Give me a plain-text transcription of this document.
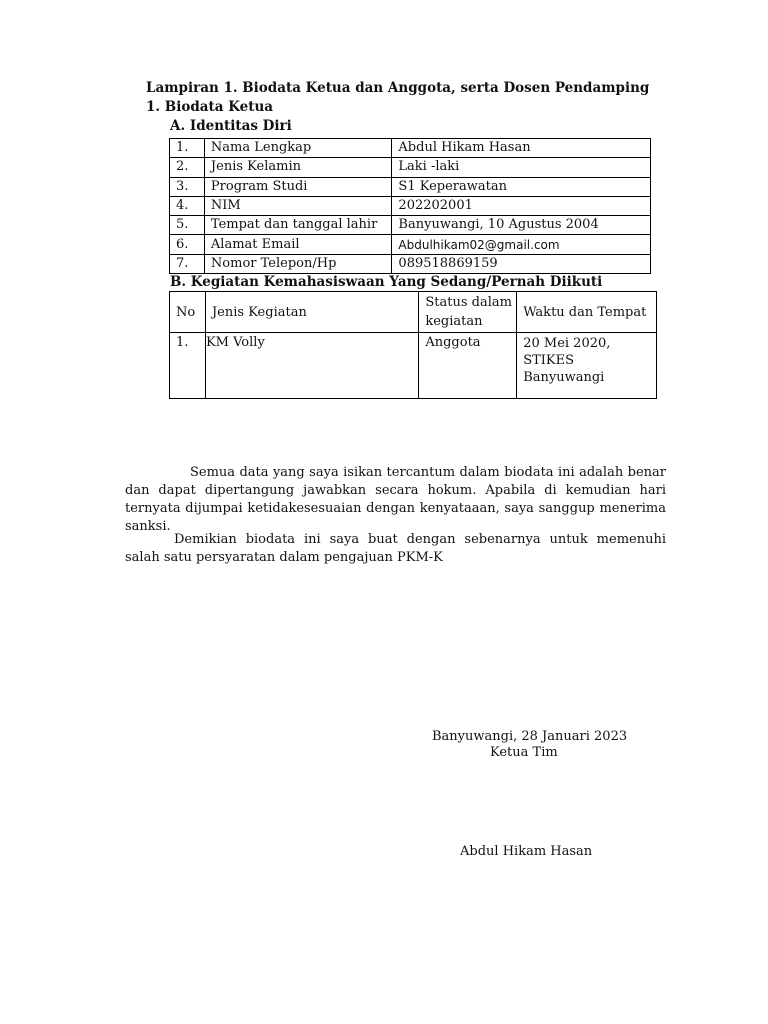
Lampiran 1. Biodata Ketua dan Anggota, serta Dosen Pendamping
1. Biodata Ketua
A. Identitas Diri
1.	Nama Lengkap	Abdul Hikam Hasan
2.	Jenis Kelamin	Laki -laki
3.	Program Studi	S1 Keperawatan
4.	NIM	202202001
5.	Tempat dan tanggal lahir	Banyuwangi, 10 Agustus 2004
6.	Alamat Email	Abdulhikam02@gmail.com
7.	Nomor Telepon/Hp	089518869159
B. Kegiatan Kemahasiswaan Yang Sedang/Pernah Diikuti
No	Jenis Kegiatan	Status dalam kegiatan	Waktu dan Tempat
1.	KM Volly	Anggota	20 Mei 2020, STIKES Banyuwangi
Semua data yang saya isikan tercantum dalam biodata ini adalah benar dan dapat dipertangung jawabkan secara hokum. Apabila di kemudian hari ternyata dijumpai ketidakesesuaian dengan kenyataaan, saya sanggup menerima sanksi.
Demikian biodata ini saya buat dengan sebenarnya untuk memenuhi salah satu persyaratan dalam pengajuan PKM-K
Banyuwangi, 28 Januari 2023
Ketua Tim
Abdul Hikam Hasan
